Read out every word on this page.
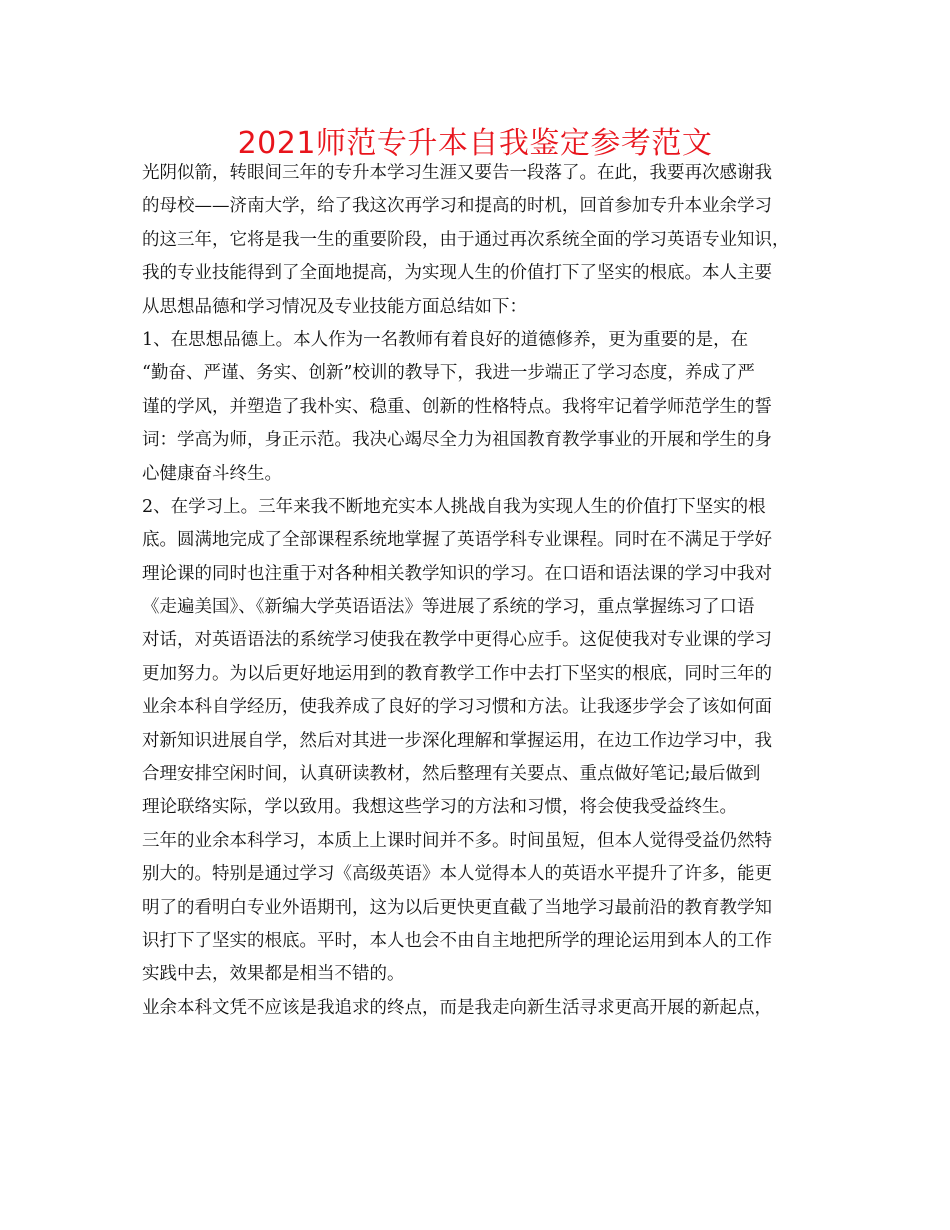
2021师范专升本自我鉴定参考范文
光阴似箭，转眼间三年的专升本学习生涯又要告一段落了。在此，我要再次感谢我
的母校——济南大学，给了我这次再学习和提高的时机，回首参加专升本业余学习
的这三年，它将是我一生的重要阶段，由于通过再次系统全面的学习英语专业知识，
我的专业技能得到了全面地提高，为实现人生的价值打下了坚实的根底。本人主要
从思想品德和学习情况及专业技能方面总结如下：
1、在思想品德上。本人作为一名教师有着良好的道德修养，更为重要的是，在
“勤奋、严谨、务实、创新”校训的教导下，我进一步端正了学习态度，养成了严
谨的学风，并塑造了我朴实、稳重、创新的性格特点。我将牢记着学师范学生的誓
词：学高为师，身正示范。我决心竭尽全力为祖国教育教学事业的开展和学生的身
心健康奋斗终生。
2、在学习上。三年来我不断地充实本人挑战自我为实现人生的价值打下坚实的根
底。圆满地完成了全部课程系统地掌握了英语学科专业课程。同时在不满足于学好
理论课的同时也注重于对各种相关教学知识的学习。在口语和语法课的学习中我对
《走遍美国》、《新编大学英语语法》等进展了系统的学习，重点掌握练习了口语
对话，对英语语法的系统学习使我在教学中更得心应手。这促使我对专业课的学习
更加努力。为以后更好地运用到的教育教学工作中去打下坚实的根底，同时三年的
业余本科自学经历，使我养成了良好的学习习惯和方法。让我逐步学会了该如何面
对新知识进展自学，然后对其进一步深化理解和掌握运用，在边工作边学习中，我
合理安排空闲时间，认真研读教材，然后整理有关要点、重点做好笔记;最后做到
理论联络实际，学以致用。我想这些学习的方法和习惯，将会使我受益终生。
三年的业余本科学习，本质上上课时间并不多。时间虽短，但本人觉得受益仍然特
别大的。特别是通过学习《高级英语》本人觉得本人的英语水平提升了许多，能更
明了的看明白专业外语期刊，这为以后更快更直截了当地学习最前沿的教育教学知
识打下了坚实的根底。平时，本人也会不由自主地把所学的理论运用到本人的工作
实践中去，效果都是相当不错的。
业余本科文凭不应该是我追求的终点，而是我走向新生活寻求更高开展的新起点，
